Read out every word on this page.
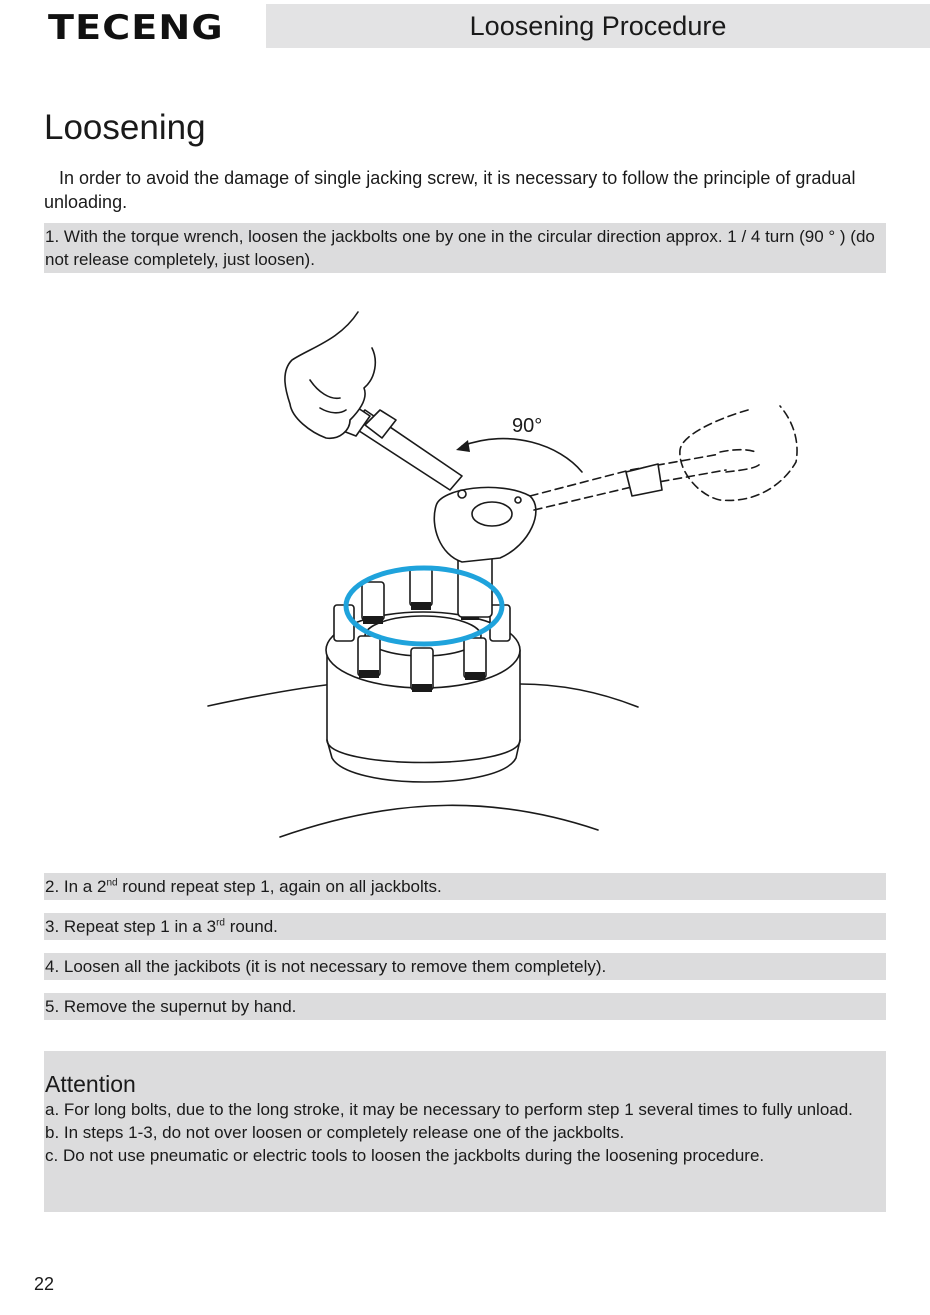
TECENG	Loosening Procedure
Loosening

In order to avoid the damage of single jacking screw, it is necessary to follow the principle of gradual unloading.

1. With the torque wrench, loosen the jackbolts one by one in the circular direction approx. 1 / 4 turn (90 ° ) (do not release completely, just loosen).
90°
2. In a 2nd round repeat step 1, again on all jackbolts.
3. Repeat step 1 in a 3rd round.
4. Loosen all the jackibots (it is not necessary to remove them completely).
5. Remove the supernut by hand.
Attention

a. For long bolts, due to the long stroke, it may be necessary to perform step 1 several times to fully unload.

b. In steps 1-3, do not over loosen or completely release one of the jackbolts.

c. Do not use pneumatic or electric tools to loosen the jackbolts during the loosening procedure.

22
